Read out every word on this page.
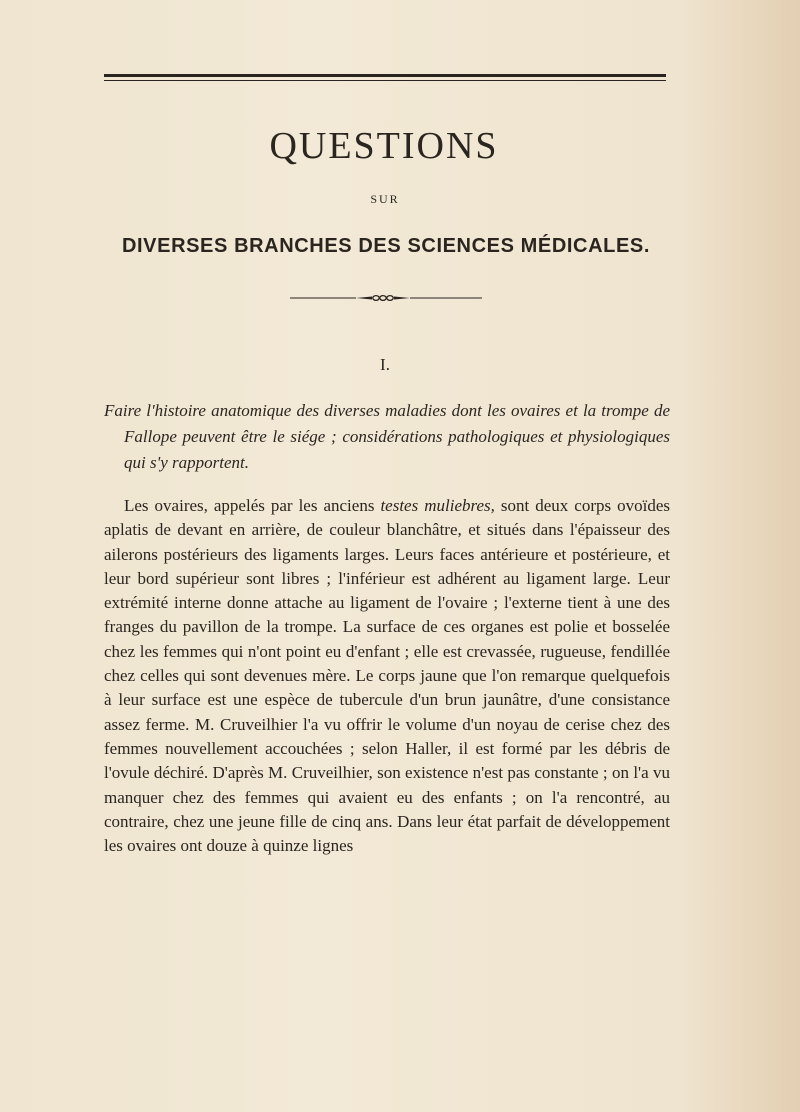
QUESTIONS
SUR
DIVERSES BRANCHES DES SCIENCES MÉDICALES.
I.
Faire l'histoire anatomique des diverses maladies dont les ovaires et la trompe de Fallope peuvent être le siége ; considérations pathologiques et physiologiques qui s'y rapportent.
Les ovaires, appelés par les anciens testes muliebres, sont deux corps ovoïdes aplatis de devant en arrière, de couleur blanchâtre, et situés dans l'épaisseur des ailerons postérieurs des ligaments larges. Leurs faces antérieure et postérieure, et leur bord supérieur sont libres ; l'inférieur est adhérent au ligament large. Leur extrémité interne donne attache au ligament de l'ovaire ; l'externe tient à une des franges du pavillon de la trompe. La surface de ces organes est polie et bosselée chez les femmes qui n'ont point eu d'enfant ; elle est crevassée, rugueuse, fendillée chez celles qui sont devenues mère. Le corps jaune que l'on remarque quelquefois à leur surface est une espèce de tubercule d'un brun jaunâtre, d'une consistance assez ferme. M. Cruveilhier l'a vu offrir le volume d'un noyau de cerise chez des femmes nouvellement accouchées ; selon Haller, il est formé par les débris de l'ovule déchiré. D'après M. Cruveilhier, son existence n'est pas constante ; on l'a vu manquer chez des femmes qui avaient eu des enfants ; on l'a rencontré, au contraire, chez une jeune fille de cinq ans. Dans leur état parfait de développement les ovaires ont douze à quinze lignes
